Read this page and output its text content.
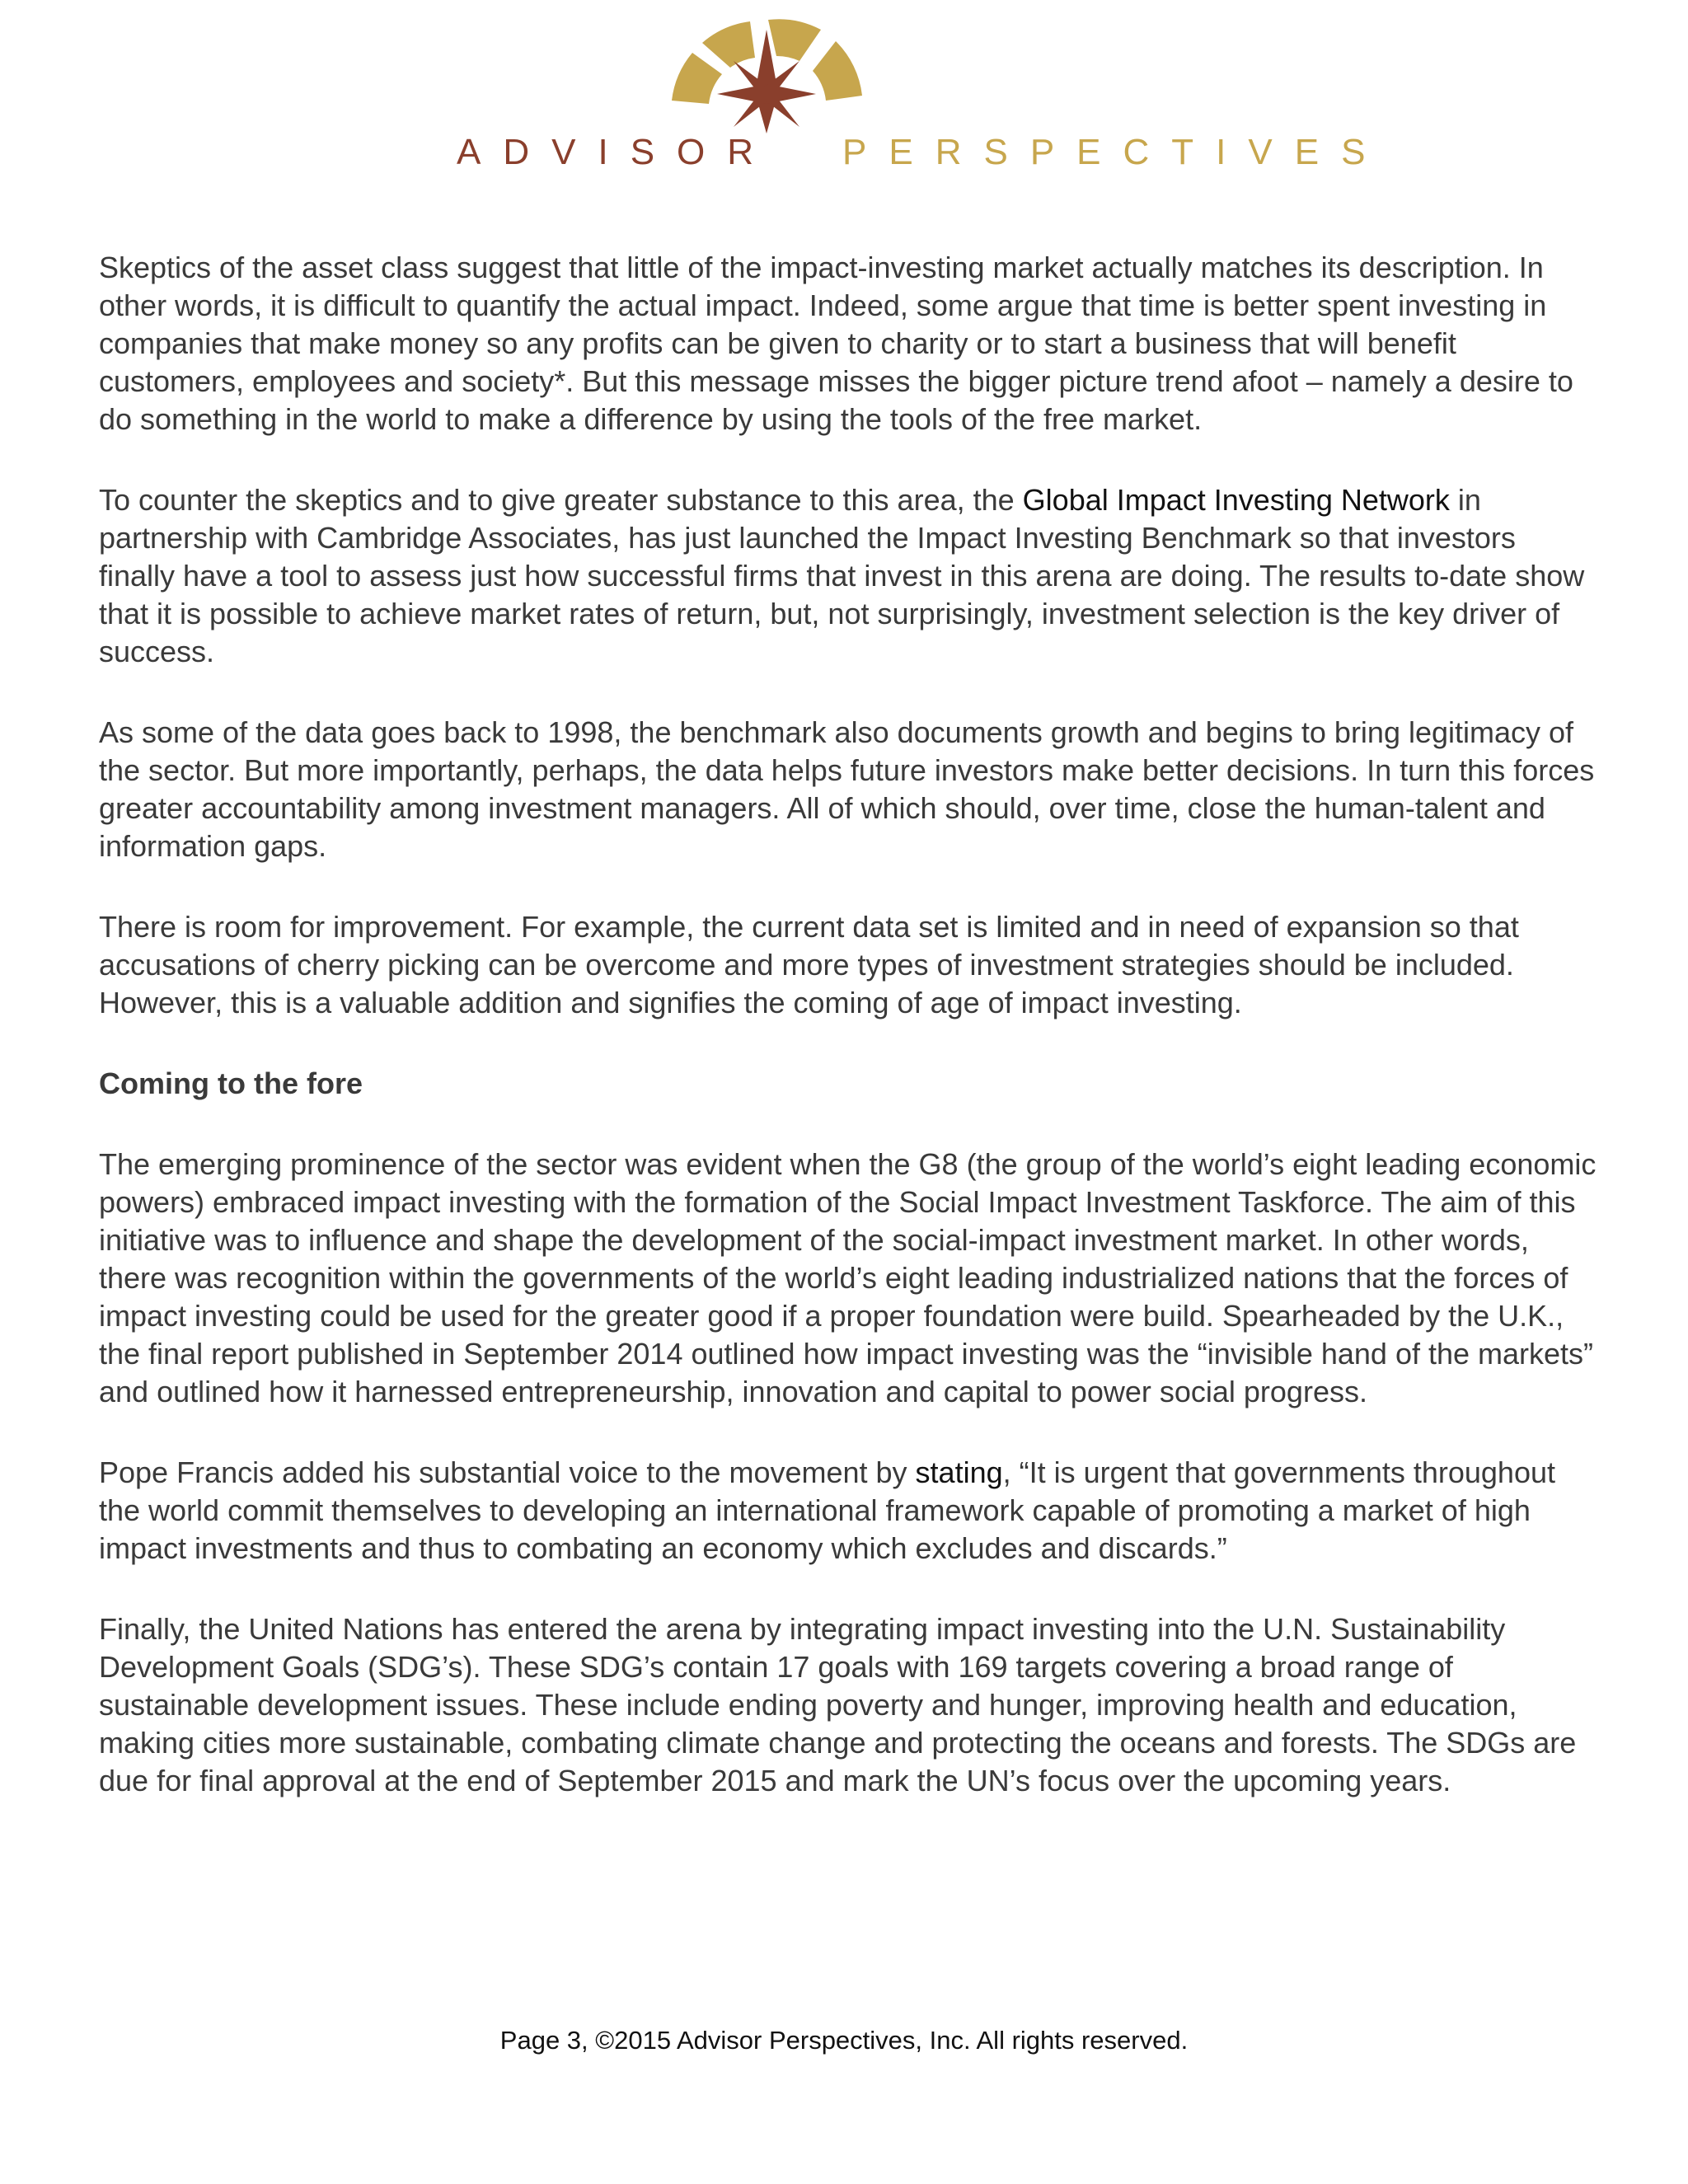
ADVISOR PERSPECTIVES

Skeptics of the asset class suggest that little of the impact-investing market actually matches its description. In other words, it is difficult to quantify the actual impact. Indeed, some argue that time is better spent investing in companies that make money so any profits can be given to charity or to start a business that will benefit customers, employees and society*. But this message misses the bigger picture trend afoot – namely a desire to do something in the world to make a difference by using the tools of the free market.

To counter the skeptics and to give greater substance to this area, the Global Impact Investing Network in partnership with Cambridge Associates, has just launched the Impact Investing Benchmark so that investors finally have a tool to assess just how successful firms that invest in this arena are doing. The results to-date show that it is possible to achieve market rates of return, but, not surprisingly, investment selection is the key driver of success.

As some of the data goes back to 1998, the benchmark also documents growth and begins to bring legitimacy of the sector. But more importantly, perhaps, the data helps future investors make better decisions. In turn this forces greater accountability among investment managers. All of which should, over time, close the human-talent and information gaps.

There is room for improvement. For example, the current data set is limited and in need of expansion so that accusations of cherry picking can be overcome and more types of investment strategies should be included. However, this is a valuable addition and signifies the coming of age of impact investing.

Coming to the fore

The emerging prominence of the sector was evident when the G8 (the group of the world’s eight leading economic powers) embraced impact investing with the formation of the Social Impact Investment Taskforce. The aim of this initiative was to influence and shape the development of the social-impact investment market. In other words, there was recognition within the governments of the world’s eight leading industrialized nations that the forces of impact investing could be used for the greater good if a proper foundation were build. Spearheaded by the U.K., the final report published in September 2014 outlined how impact investing was the “invisible hand of the markets” and outlined how it harnessed entrepreneurship, innovation and capital to power social progress.

Pope Francis added his substantial voice to the movement by stating, “It is urgent that governments throughout the world commit themselves to developing an international framework capable of promoting a market of high impact investments and thus to combating an economy which excludes and discards.”

Finally, the United Nations has entered the arena by integrating impact investing into the U.N. Sustainability Development Goals (SDG’s). These SDG’s contain 17 goals with 169 targets covering a broad range of sustainable development issues. These include ending poverty and hunger, improving health and education, making cities more sustainable, combating climate change and protecting the oceans and forests. The SDGs are due for final approval at the end of September 2015 and mark the UN’s focus over the upcoming years.

Page 3, ©2015 Advisor Perspectives, Inc. All rights reserved.
